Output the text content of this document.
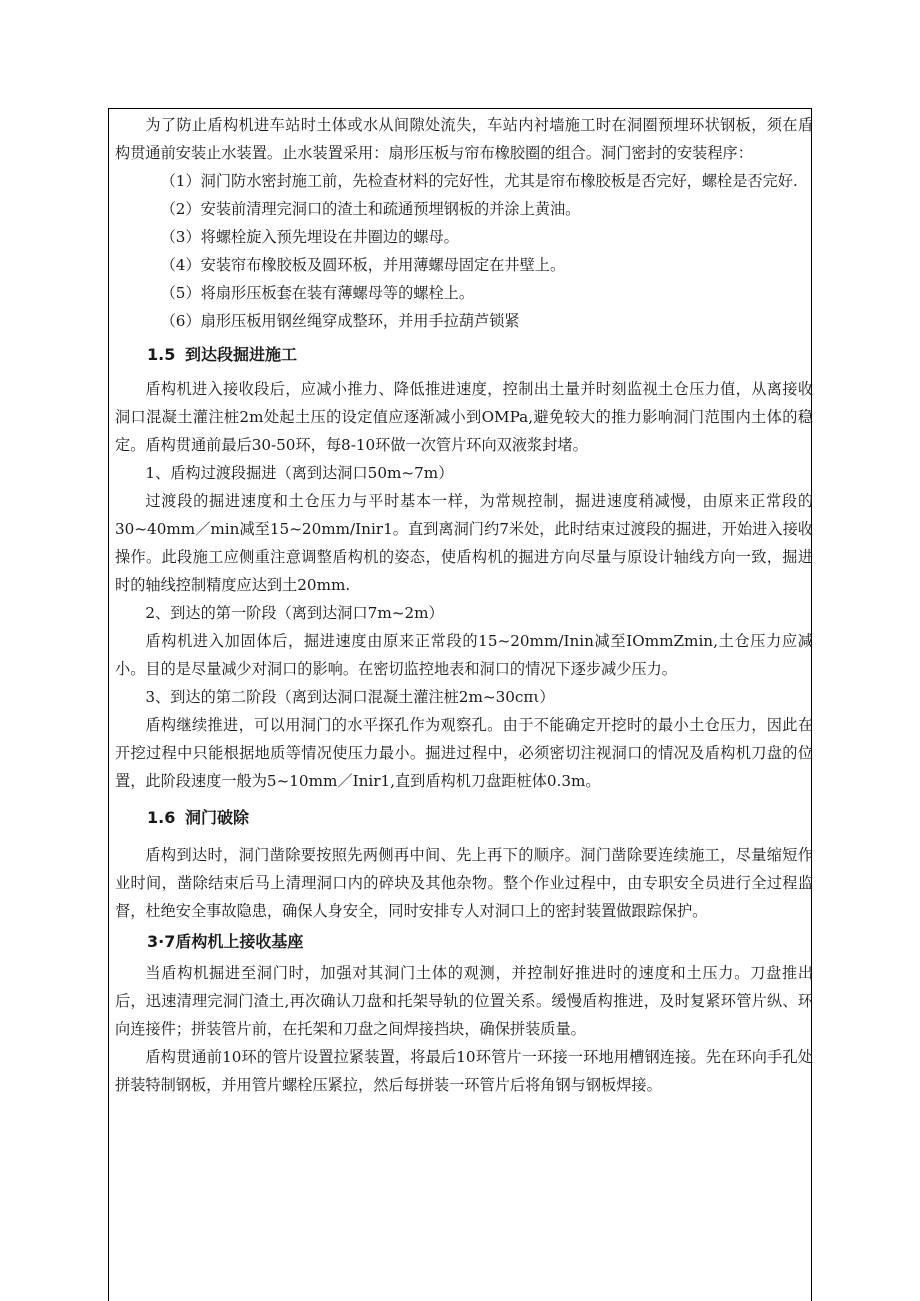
为了防止盾构机进车站时土体或水从间隙处流失，车站内衬墙施工时在洞圈预埋环状钢板，须在盾构贯通前安装止水装置。止水装置采用：扇形压板与帘布橡胶圈的组合。洞门密封的安装程序：

（1）洞门防水密封施工前，先检查材料的完好性，尤其是帘布橡胶板是否完好，螺栓是否完好.

（2）安装前清理完洞口的渣土和疏通预埋钢板的并涂上黄油。

（3）将螺栓旋入预先埋设在井圈边的螺母。

（4）安装帘布橡胶板及圆环板，并用薄螺母固定在井壁上。

（5）将扇形压板套在装有薄螺母等的螺栓上。

（6）扇形压板用钢丝绳穿成整环，并用手拉葫芦锁紧

1.5 到达段掘进施工

盾构机进入接收段后，应减小推力、降低推进速度，控制出土量并时刻监视土仓压力值，从离接收洞口混凝土灌注桩2m处起土压的设定值应逐渐减小到OMPa,避免较大的推力影响洞门范围内土体的稳定。盾构贯通前最后30-50环，每8-10环做一次管片环向双液浆封堵。

1、盾构过渡段掘进（离到达洞口50m~7m）

过渡段的掘进速度和土仓压力与平时基本一样，为常规控制，掘进速度稍减慢，由原来正常段的30~40mm／min减至15~20mm/Inir1。直到离洞门约7米处，此时结束过渡段的掘进，开始进入接收操作。此段施工应侧重注意调整盾构机的姿态，使盾构机的掘进方向尽量与原设计轴线方向一致，掘进时的轴线控制精度应达到土20mm.

2、到达的第一阶段（离到达洞口7m~2m）

盾构机进入加固体后，掘进速度由原来正常段的15~20mm/Inin减至IOmmZmin,土仓压力应减小。目的是尽量减少对洞口的影响。在密切监控地表和洞口的情况下逐步减少压力。

3、到达的第二阶段（离到达洞口混凝土灌注桩2m~30cπι）

盾构继续推进，可以用洞门的水平探孔作为观察孔。由于不能确定开挖时的最小土仓压力，因此在开挖过程中只能根据地质等情况使压力最小。掘进过程中，必须密切注视洞口的情况及盾构机刀盘的位置，此阶段速度一般为5~10mm／Inir1,直到盾构机刀盘距桩体0.3m。

1.6 洞门破除

盾构到达时，洞门凿除要按照先两侧再中间、先上再下的顺序。洞门凿除要连续施工，尽量缩短作业时间，凿除结束后马上清理洞口内的碎块及其他杂物。整个作业过程中，由专职安全员进行全过程监督，杜绝安全事故隐患，确保人身安全，同时安排专人对洞口上的密封装置做跟踪保护。

3·7盾构机上接收基座

当盾构机掘进至洞门时，加强对其洞门土体的观测，并控制好推进时的速度和土压力。刀盘推出后，迅速清理完洞门渣土,再次确认刀盘和托架导轨的位置关系。缓慢盾构推进，及时复紧环管片纵、环向连接件；拼装管片前，在托架和刀盘之间焊接挡块，确保拼装质量。

盾构贯通前10环的管片设置拉紧装置，将最后10环管片一环接一环地用槽钢连接。先在环向手孔处拼装特制钢板，并用管片螺栓压紧拉，然后每拼装一环管片后将角钢与钢板焊接。
